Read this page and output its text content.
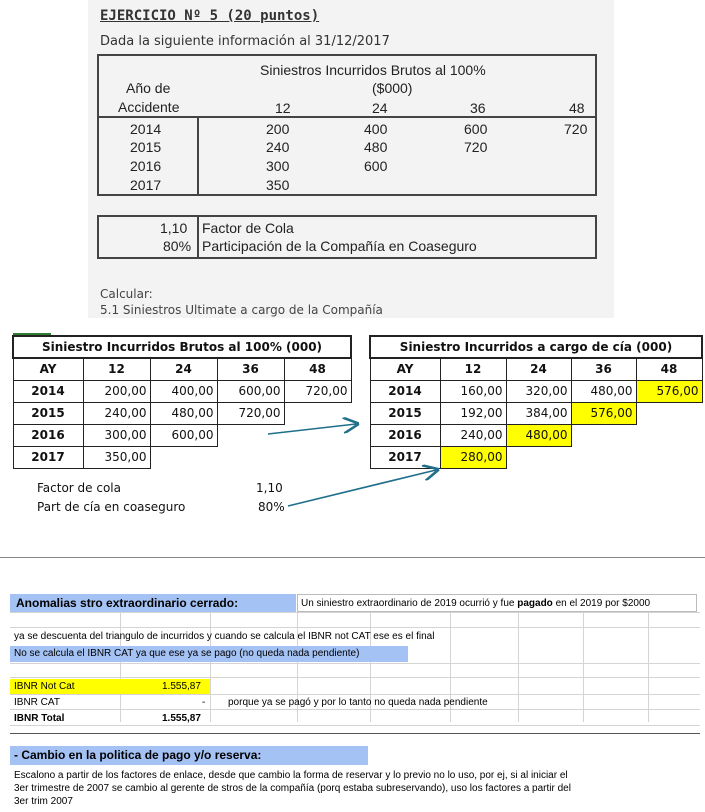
EJERCICIO Nº 5 (20 puntos)
Dada la siguiente información al 31/12/2017
Siniestros Incurridos Brutos al 100%
($000)
Año de
Accidente	12	24	36	48
2014	200	400	600	720
2015	240	480	720
2016	300	600
2017	350
1,10 Factor de Cola
80% Participación de la Compañía en Coaseguro
Calcular:
5.1 Siniestros Ultimate a cargo de la Compañía
Siniestro Incurridos Brutos al 100% (000)				
AY	12	24	36	48
2014	200,00	400,00	600,00	720,00
2015	240,00	480,00	720,00	
2016	300,00	600,00		
2017	350,00			
Siniestro Incurridos a cargo de cía (000)				
AY	12	24	36	48
2014	160,00	320,00	480,00	576,00
2015	192,00	384,00	576,00	
2016	240,00	480,00		
2017	280,00			
Factor de cola	1,10
Part de cía en coaseguro	80%
Anomalias stro extraordinario cerrado:	Un siniestro extraordinario de 2019 ocurrió y fue pagado en el 2019 por $2000
ya se descuenta del triangulo de incurridos y cuando se calcula el IBNR not CAT ese es el final
No se calcula el IBNR CAT ya que ese ya se pago (no queda nada pendiente)
IBNR Not Cat	1.555,87
IBNR CAT	- porque ya se pagó y por lo tanto no queda nada pendiente
IBNR Total	1.555,87
- Cambio en la politica de pago y/o reserva:
Escalono a partir de los factores de enlace, desde que cambio la forma de reservar y lo previo no lo uso, por ej, si al iniciar el
3er trimestre de 2007 se cambio al gerente de stros de la compañía (porq estaba subreservando), uso los factores a partir del
3er trim 2007
